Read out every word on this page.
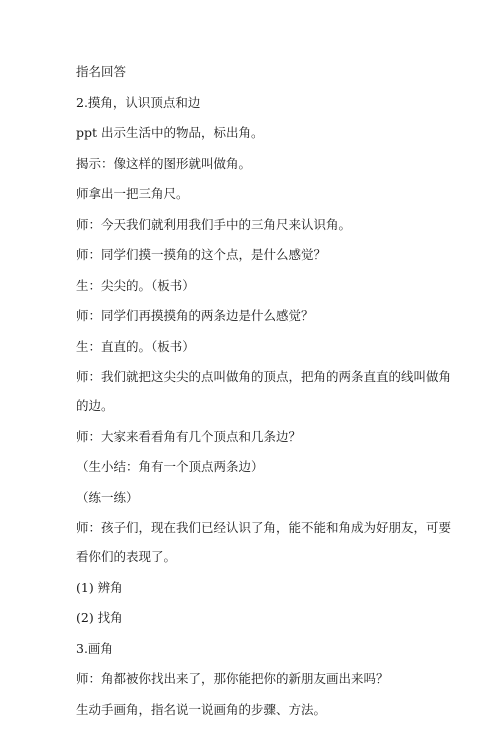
指名回答
2.摸角，认识顶点和边
ppt 出示生活中的物品，标出角。
揭示：像这样的图形就叫做角。
师拿出一把三角尺。
师：今天我们就利用我们手中的三角尺来认识角。
师：同学们摸一摸角的这个点，是什么感觉？
生：尖尖的。（板书）
师：同学们再摸摸角的两条边是什么感觉？
生：直直的。（板书）
师：我们就把这尖尖的点叫做角的顶点，把角的两条直直的线叫做角
的边。
师：大家来看看角有几个顶点和几条边？
（生小结：角有一个顶点两条边）
（练一练）
师：孩子们，现在我们已经认识了角，能不能和角成为好朋友，可要
看你们的表现了。
(1) 辨角
(2) 找角
3.画角
师：角都被你找出来了，那你能把你的新朋友画出来吗？
生动手画角，指名说一说画角的步骤、方法。
